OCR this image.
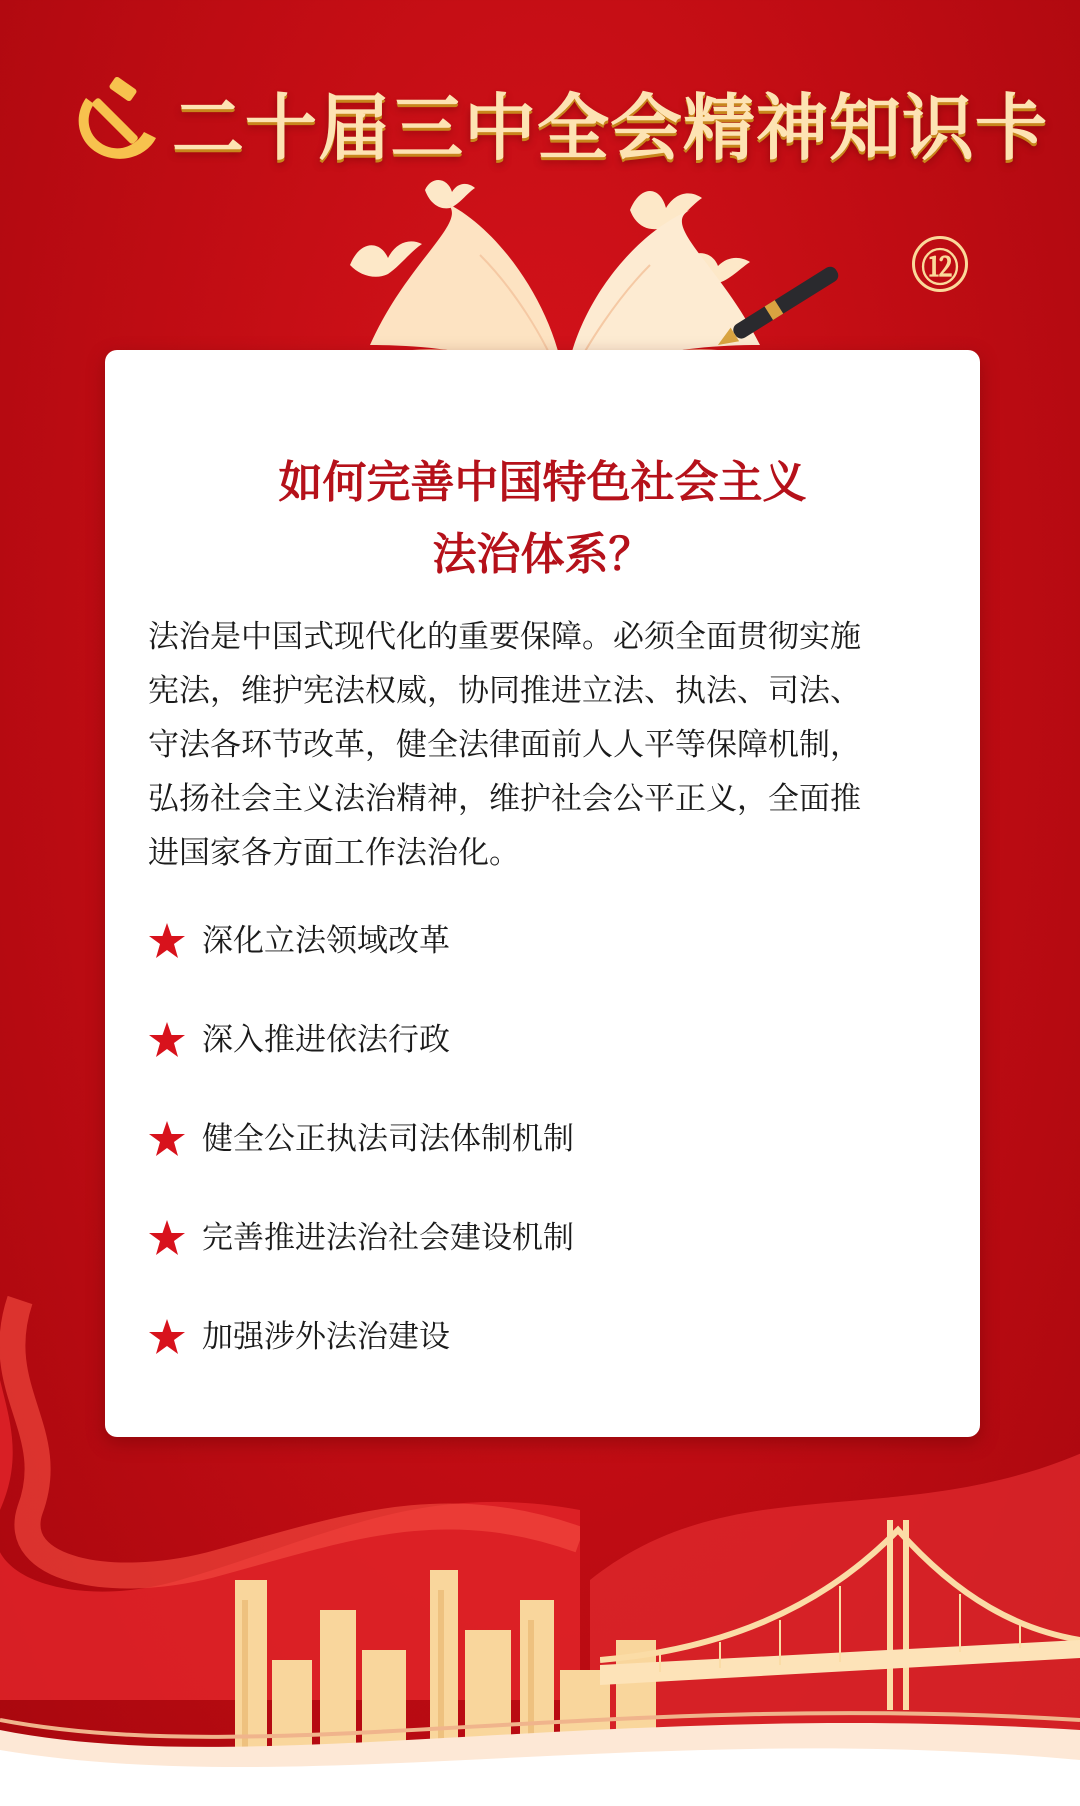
二十届三中全会精神知识卡
⑫
如何完善中国特色社会主义
法治体系？
法治是中国式现代化的重要保障。必须全面贯彻实施
宪法，维护宪法权威，协同推进立法、执法、司法、
守法各环节改革，健全法律面前人人平等保障机制，
弘扬社会主义法治精神，维护社会公平正义，全面推
进国家各方面工作法治化。
深化立法领域改革
深入推进依法行政
健全公正执法司法体制机制
完善推进法治社会建设机制
加强涉外法治建设
大数跨境
